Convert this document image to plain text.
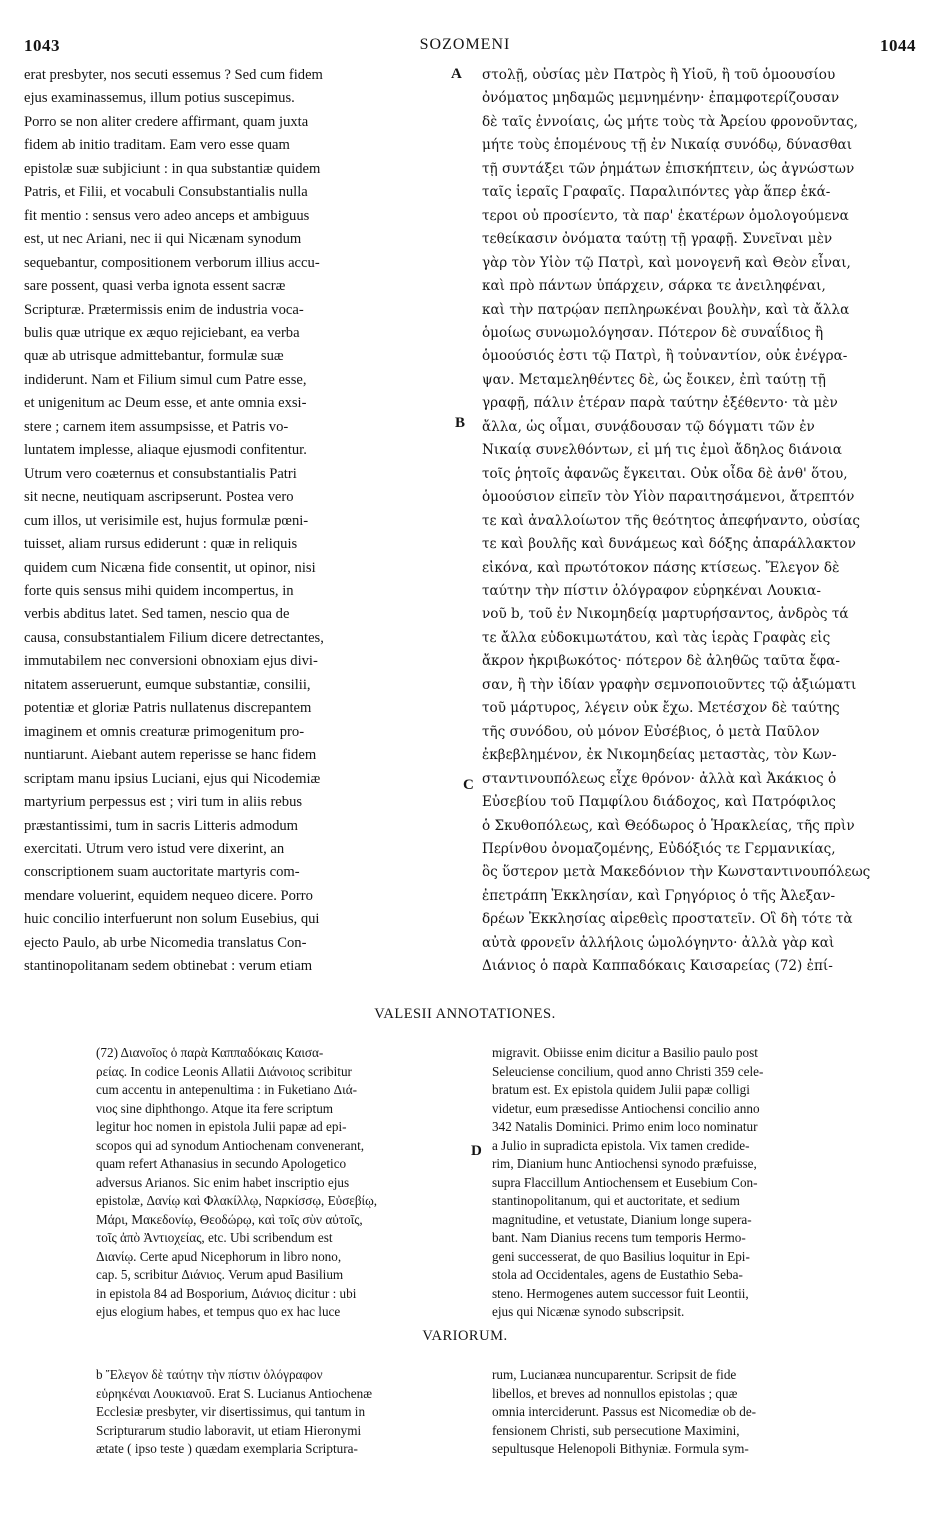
1043	SOZOMENI	1044
erat presbyter, nos secuti essemus ? Sed cum fidem
ejus examinassemus, illum potius suscepimus.
Porro se non aliter credere affirmant, quam juxta
fidem ab initio traditam. Eam vero esse quam
epistolæ suæ subjiciunt : in qua substantiæ quidem
Patris, et Filii, et vocabuli Consubstantialis nulla
fit mentio : sensus vero adeo anceps et ambiguus
est, ut nec Ariani, nec ii qui Nicænam synodum
sequebantur, compositionem verborum illius accu-
sare possent, quasi verba ignota essent sacræ
Scripturæ. Prætermissis enim de industria voca-
bulis quæ utrique ex æquo rejiciebant, ea verba
quæ ab utrisque admittebantur, formulæ suæ
indiderunt. Nam et Filium simul cum Patre esse,
et unigenitum ac Deum esse, et ante omnia exsi-
stere ; carnem item assumpsisse, et Patris vo-
luntatem implesse, aliaque ejusmodi confitentur.
Utrum vero coæternus et consubstantialis Patri
sit necne, neutiquam ascripserunt. Postea vero
cum illos, ut verisimile est, hujus formulæ pœni-
tuisset, aliam rursus ediderunt : quæ in reliquis
quidem cum Nicæna fide consentit, ut opinor, nisi
forte quis sensus mihi quidem incompertus, in
verbis abditus latet. Sed tamen, nescio qua de
causa, consubstantialem Filium dicere detrectantes,
immutabilem nec conversioni obnoxiam ejus divi-
nitatem asseruerunt, eumque substantiæ, consilii,
potentiæ et gloriæ Patris nullatenus discrepantem
imaginem et omnis creaturæ primogenitum pro-
nuntiarunt. Aiebant autem reperisse se hanc fidem
scriptam manu ipsius Luciani, ejus qui Nicodemiæ
martyrium perpessus est ; viri tum in aliis rebus
præstantissimi, tum in sacris Litteris admodum
exercitati. Utrum vero istud vere dixerint, an
conscriptionem suam auctoritate martyris com-
mendare voluerint, equidem nequeo dicere. Porro
huic concilio interfuerunt non solum Eusebius, qui
ejecto Paulo, ab urbe Nicomedia translatus Con-
stantinopolitanam sedem obtinebat : verum etiam
στολῇ, οὐσίας μὲν Πατρὸς ἢ Υἱοῦ, ἢ τοῦ ὁμοουσίου
ὀνόματος μηδαμῶς μεμνημένην· ἐπαμφοτερίζουσαν
δὲ ταῖς ἐννοίαις, ὡς μήτε τοὺς τὰ Ἀρείου φρονοῦντας,
μήτε τοὺς ἑπομένους τῇ ἐν Νικαίᾳ συνόδῳ, δύνασθαι
τῇ συντάξει τῶν ῥημάτων ἐπισκήπτειν, ὡς ἀγνώστων
ταῖς ἱεραῖς Γραφαῖς. Παραλιπόντες γὰρ ἅπερ ἑκά-
τεροι οὐ προσίεντο, τὰ παρ' ἑκατέρων ὁμολογούμενα
τεθείκασιν ὀνόματα ταύτῃ τῇ γραφῇ. Συνεῖναι μὲν
γὰρ τὸν Υἱὸν τῷ Πατρὶ, καὶ μονογενῆ καὶ Θεὸν εἶναι,
καὶ πρὸ πάντων ὑπάρχειν, σάρκα τε ἀνειληφέναι,
καὶ τὴν πατρῴαν πεπληρωκέναι βουλὴν, καὶ τὰ ἄλλα
ὁμοίως συνωμολόγησαν. Πότερον δὲ συναΐδιος ἢ
ὁμοούσιός ἐστι τῷ Πατρὶ, ἢ τοὐναντίον, οὐκ ἐνέγρα-
ψαν. Μεταμεληθέντες δὲ, ὡς ἔοικεν, ἐπὶ ταύτῃ τῇ
γραφῇ, πάλιν ἑτέραν παρὰ ταύτην ἐξέθεντο· τὰ μὲν
ἄλλα, ὡς οἶμαι, συνᾴδουσαν τῷ δόγματι τῶν ἐν
Νικαίᾳ συνελθόντων, εἰ μή τις ἐμοὶ ἄδηλος διάνοια
τοῖς ῥητοῖς ἀφανῶς ἔγκειται. Οὐκ οἶδα δὲ ἀνθ' ὅτου,
ὁμοούσιον εἰπεῖν τὸν Υἱὸν παραιτησάμενοι, ἄτρεπτόν
τε καὶ ἀναλλοίωτον τῆς θεότητος ἀπεφήναντο, οὐσίας
τε καὶ βουλῆς καὶ δυνάμεως καὶ δόξης ἀπαράλλακτον
εἰκόνα, καὶ πρωτότοκον πάσης κτίσεως. Ἔλεγον δὲ
ταύτην τὴν πίστιν ὁλόγραφον εὑρηκέναι Λουκια-
νοῦ b, τοῦ ἐν Νικομηδείᾳ μαρτυρήσαντος, ἀνδρὸς τά
τε ἄλλα εὐδοκιμωτάτου, καὶ τὰς ἱερὰς Γραφὰς εἰς
ἄκρον ἠκριβωκότος· πότερον δὲ ἀληθῶς ταῦτα ἔφα-
σαν, ἢ τὴν ἰδίαν γραφὴν σεμνοποιοῦντες τῷ ἀξιώματι
τοῦ μάρτυρος, λέγειν οὐκ ἔχω. Μετέσχον δὲ ταύτης
τῆς συνόδου, οὐ μόνον Εὐσέβιος, ὁ μετὰ Παῦλον
ἐκβεβλημένον, ἐκ Νικομηδείας μεταστὰς, τὸν Κων-
σταντινουπόλεως εἶχε θρόνον· ἀλλὰ καὶ Ἀκάκιος ὁ
Εὐσεβίου τοῦ Παμφίλου διάδοχος, καὶ Πατρόφιλος
ὁ Σκυθοπόλεως, καὶ Θεόδωρος ὁ Ἡρακλείας, τῆς πρὶν
Περίνθου ὀνομαζομένης, Εὐδόξιός τε Γερμανικίας,
ὃς ὕστερον μετὰ Μακεδόνιον τὴν Κωνσταντινουπόλεως
ἐπετράπη Ἐκκλησίαν, καὶ Γρηγόριος ὁ τῆς Ἀλεξαν-
δρέων Ἐκκλησίας αἱρεθεὶς προστατεῖν. Οἳ δὴ τότε τὰ
αὐτὰ φρονεῖν ἀλλήλοις ὡμολόγηντο· ἀλλὰ γὰρ καὶ
Διάνιος ὁ παρὰ Καππαδόκαις Καισαρείας (72) ἐπί-
A
B
C
D
VALESII ANNOTATIONES.
(72) Διανοῖος ὁ παρὰ Καππαδόκαις Καισα-
ρείας. In codice Leonis Allatii Διάνοιος scribitur
cum accentu in antepenultima : in Fuketiano Διά-
νιος sine diphthongo. Atque ita fere scriptum
legitur hoc nomen in epistola Julii papæ ad epi-
scopos qui ad synodum Antiochenam convenerant,
quam refert Athanasius in secundo Apologetico
adversus Arianos. Sic enim habet inscriptio ejus
epistolæ, Δανίῳ καὶ Φλακίλλῳ, Ναρκίσσῳ, Εὐσεβίῳ,
Μάρι, Μακεδονίῳ, Θεοδώρῳ, καὶ τοῖς σὺν αὐτοῖς,
τοῖς ἀπὸ Ἀντιοχείας, etc. Ubi scribendum est
Διανίῳ. Certe apud Nicephorum in libro nono,
cap. 5, scribitur Διάνιος. Verum apud Basilium
in epistola 84 ad Bosporium, Διάνιος dicitur : ubi
ejus elogium habes, et tempus quo ex hac luce
migravit. Obiisse enim dicitur a Basilio paulo post
Seleuciense concilium, quod anno Christi 359 cele-
bratum est. Ex epistola quidem Julii papæ colligi
videtur, eum præsedisse Antiochensi concilio anno
342 Natalis Dominici. Primo enim loco nominatur
a Julio in supradicta epistola. Vix tamen credide-
rim, Dianium hunc Antiochensi synodo præfuisse,
supra Flaccillum Antiochensem et Eusebium Con-
stantinopolitanum, qui et auctoritate, et sedium
magnitudine, et vetustate, Dianium longe supera-
bant. Nam Dianius recens tum temporis Hermo-
geni successerat, de quo Basilius loquitur in Epi-
stola ad Occidentales, agens de Eustathio Seba-
steno. Hermogenes autem successor fuit Leontii,
ejus qui Nicænæ synodo subscripsit.
VARIORUM.
b Ἔλεγον δὲ ταύτην τὴν πίστιν ὁλόγραφον
εὑρηκέναι Λουκιανοῦ. Erat S. Lucianus Antiochenæ
Ecclesiæ presbyter, vir disertissimus, qui tantum in
Scripturarum studio laboravit, ut etiam Hieronymi
ætate ( ipso teste ) quædam exemplaria Scriptura-
rum, Lucianæa nuncuparentur. Scripsit de fide
libellos, et breves ad nonnullos epistolas ; quæ
omnia interciderunt. Passus est Nicomediæ ob de-
fensionem Christi, sub persecutione Maximini,
sepultusque Helenopoli Bithyniæ. Formula sym-
